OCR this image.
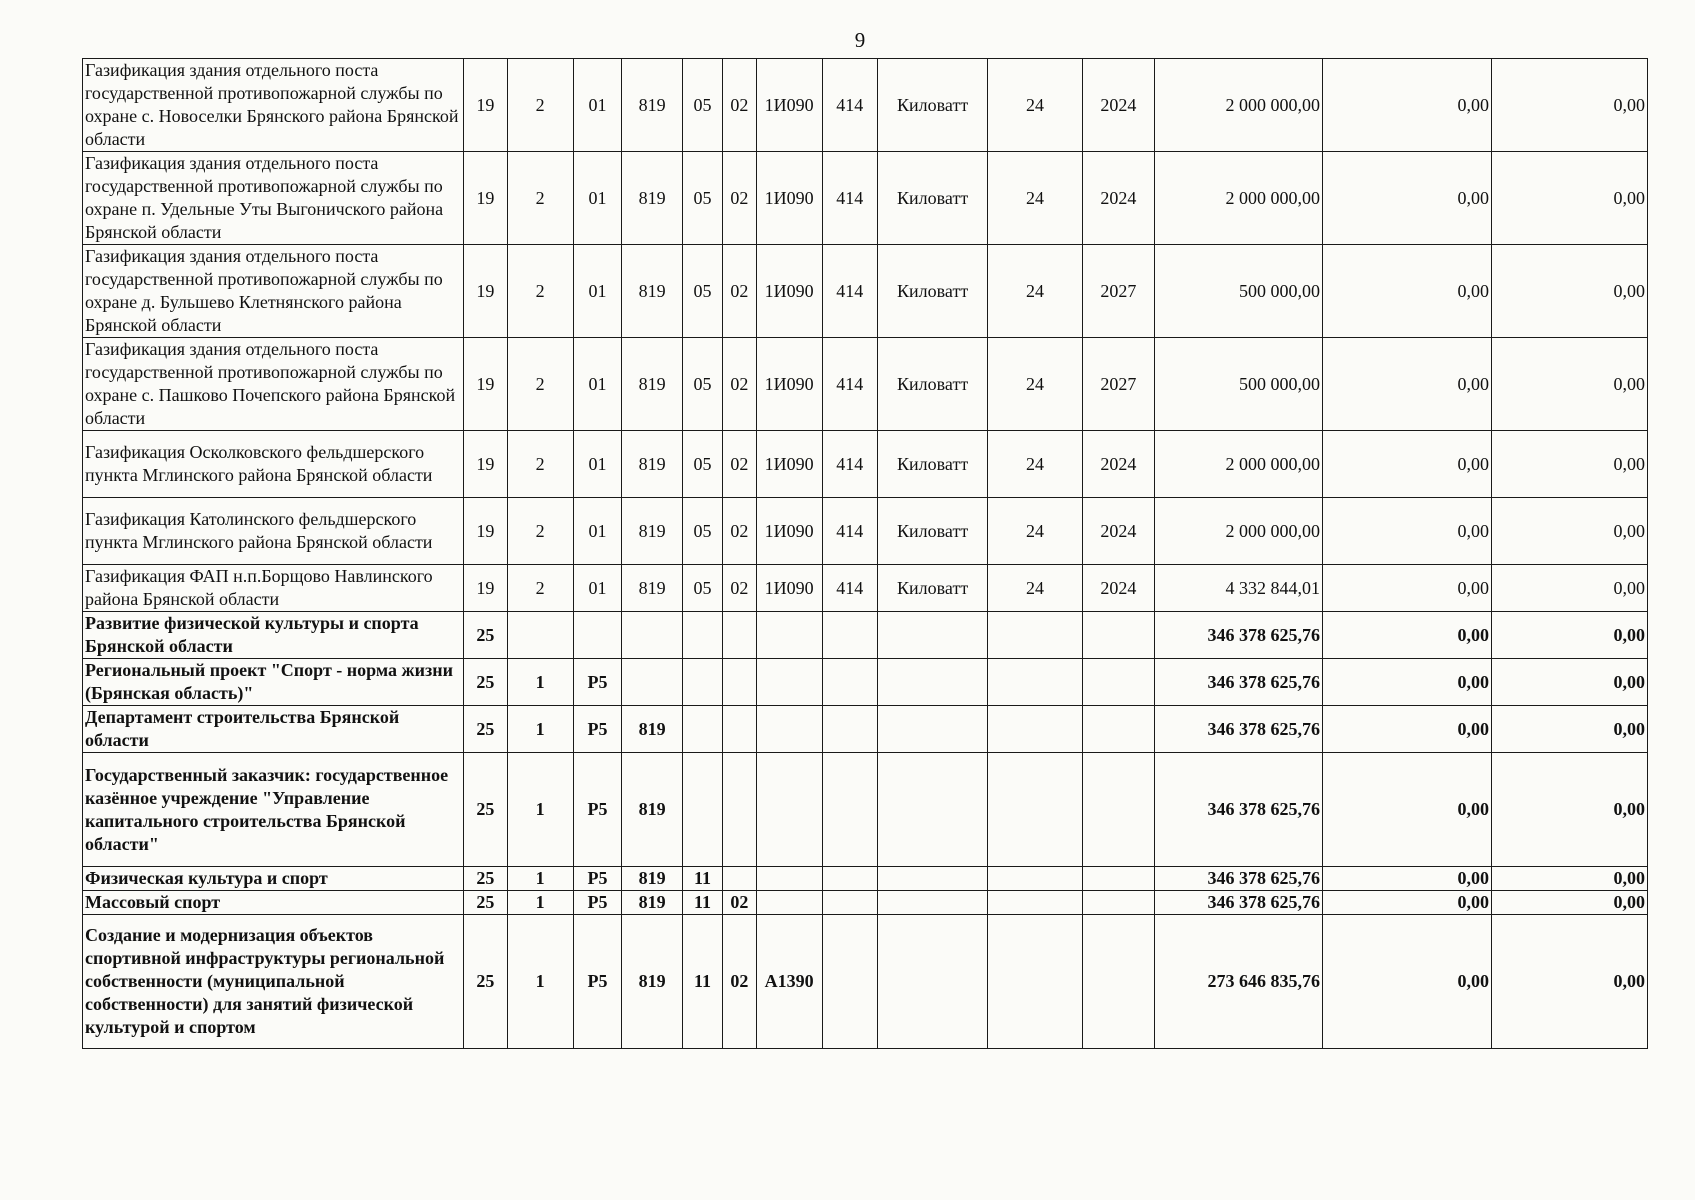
9
Газификация здания отдельного поста государственной противопожарной службы по охране с. Новоселки Брянского района Брянской области	19	2	01	819	05	02	1И090	414	Киловатт	24	2024	2 000 000,00	0,00	0,00
Газификация здания отдельного поста государственной противопожарной службы по охране п. Удельные Уты Выгоничского района Брянской области	19	2	01	819	05	02	1И090	414	Киловатт	24	2024	2 000 000,00	0,00	0,00
Газификация здания отдельного поста государственной противопожарной службы по охране д. Бульшево Клетнянского района Брянской области	19	2	01	819	05	02	1И090	414	Киловатт	24	2027	500 000,00	0,00	0,00
Газификация здания отдельного поста государственной противопожарной службы по охране с. Пашково Почепского района Брянской области	19	2	01	819	05	02	1И090	414	Киловатт	24	2027	500 000,00	0,00	0,00
Газификация Осколковского фельдшерского пункта Мглинского района Брянской области	19	2	01	819	05	02	1И090	414	Киловатт	24	2024	2 000 000,00	0,00	0,00
Газификация Католинского фельдшерского пункта Мглинского района Брянской области	19	2	01	819	05	02	1И090	414	Киловатт	24	2024	2 000 000,00	0,00	0,00
Газификация ФАП н.п.Борщово Навлинского района Брянской области	19	2	01	819	05	02	1И090	414	Киловатт	24	2024	4 332 844,01	0,00	0,00
Развитие физической культуры и спорта Брянской области	25											346 378 625,76	0,00	0,00
Региональный проект "Спорт - норма жизни (Брянская область)"	25	1	Р5									346 378 625,76	0,00	0,00
Департамент строительства Брянской области	25	1	Р5	819								346 378 625,76	0,00	0,00
Государственный заказчик: государственное казённое учреждение "Управление капитального строительства Брянской области"	25	1	Р5	819								346 378 625,76	0,00	0,00
Физическая культура и спорт	25	1	Р5	819	11							346 378 625,76	0,00	0,00
Массовый спорт	25	1	Р5	819	11	02						346 378 625,76	0,00	0,00
Создание и модернизация объектов спортивной инфраструктуры региональной собственности (муниципальной собственности) для занятий физической культурой и спортом	25	1	Р5	819	11	02	А1390					273 646 835,76	0,00	0,00
